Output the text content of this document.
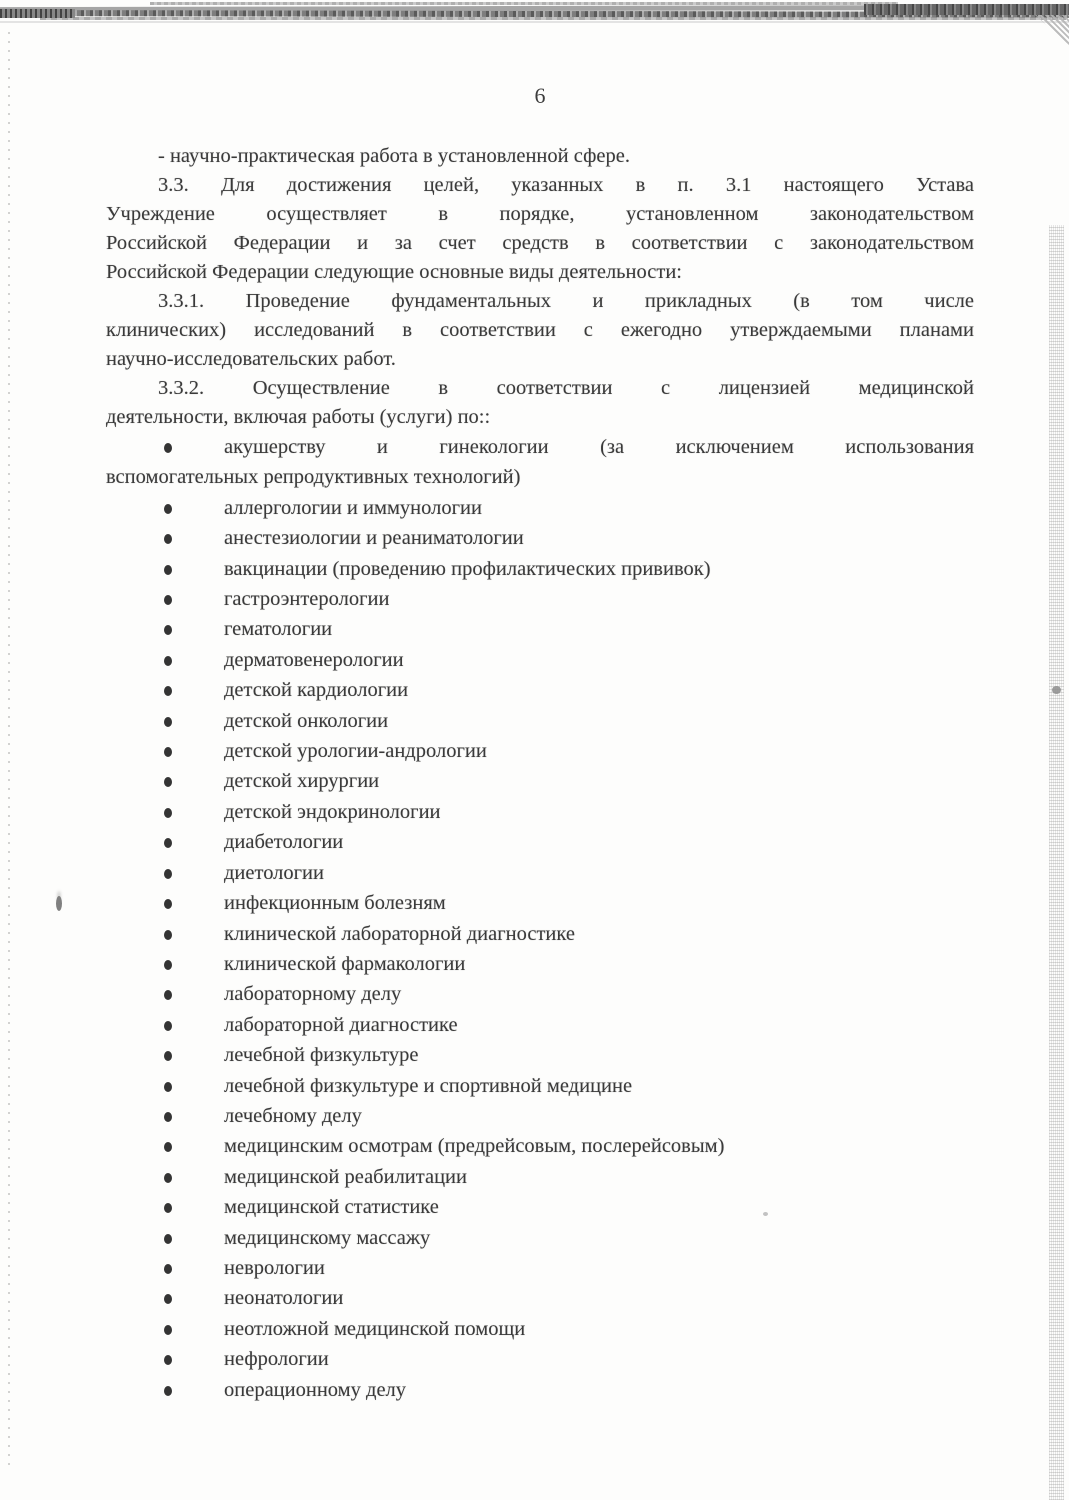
6
- научно-практическая работа в установленной сфере.
3.3. Для достижения целей, указанных в п. 3.1 настоящего Устава
Учреждение осуществляет в порядке, установленном законодательством
Российской Федерации и за счет средств в соответствии с законодательством
Российской Федерации следующие основные виды деятельности:
3.3.1. Проведение фундаментальных и прикладных (в том числе
клинических) исследований в соответствии с ежегодно утверждаемыми планами
научно-исследовательских работ.
3.3.2. Осуществление в соответствии с лицензией медицинской
деятельности, включая работы (услуги) по::
акушерству и гинекологии (за исключением использования
вспомогательных репродуктивных технологий)
аллергологии и иммунологии
анестезиологии и реаниматологии
вакцинации (проведению профилактических прививок)
гастроэнтерологии
гематологии
дерматовенерологии
детской кардиологии
детской онкологии
детской урологии-андрологии
детской хирургии
детской эндокринологии
диабетологии
диетологии
инфекционным болезням
клинической лабораторной диагностике
клинической фармакологии
лабораторному делу
лабораторной диагностике
лечебной физкультуре
лечебной физкультуре и спортивной медицине
лечебному делу
медицинским осмотрам (предрейсовым, послерейсовым)
медицинской реабилитации
медицинской статистике
медицинскому массажу
неврологии
неонатологии
неотложной медицинской помощи
нефрологии
операционному делу
